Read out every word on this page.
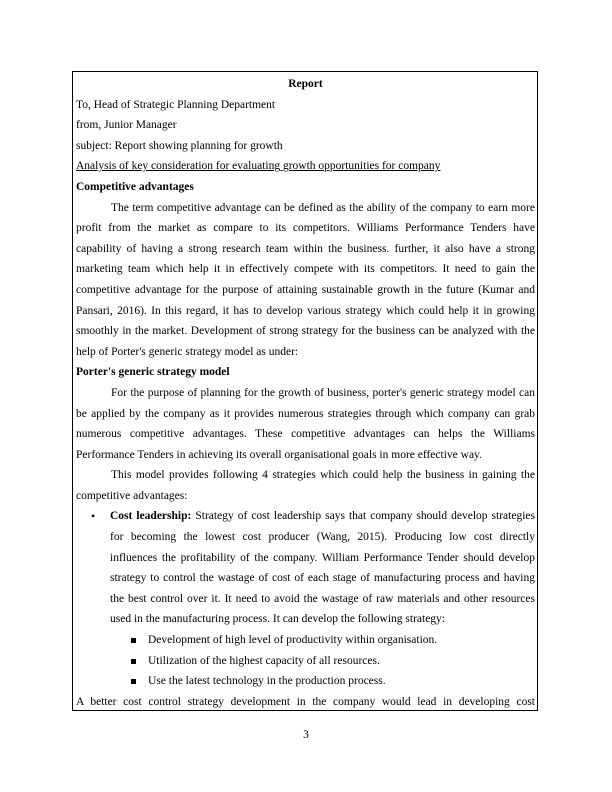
Report

To, Head of Strategic Planning Department

from, Junior Manager

subject: Report showing planning for growth

Analysis of key consideration for evaluating growth opportunities for company

Competitive advantages

The term competitive advantage can be defined as the ability of the company to earn more profit from the market as compare to its competitors. Williams Performance Tenders have capability of having a strong research team within the business. further, it also have a strong marketing team which help it in effectively compete with its competitors. It need to gain the competitive advantage for the purpose of attaining sustainable growth in the future (Kumar and Pansari, 2016). In this regard, it has to develop various strategy which could help it in growing smoothly in the market. Development of strong strategy for the business can be analyzed with the help of Porter's generic strategy model as under:

Porter's generic strategy model

For the purpose of planning for the growth of business, porter's generic strategy model can be applied by the company as it provides numerous strategies through which company can grab numerous competitive advantages. These competitive advantages can helps the Williams Performance Tenders in achieving its overall organisational goals in more effective way.

This model provides following 4 strategies which could help the business in gaining the competitive advantages:

• Cost leadership: Strategy of cost leadership says that company should develop strategies for becoming the lowest cost producer (Wang, 2015). Producing low cost directly influences the profitability of the company. William Performance Tender should develop strategy to control the wastage of cost of each stage of manufacturing process and having the best control over it. It need to avoid the wastage of raw materials and other resources used in the manufacturing process. It can develop the following strategy:
Development of high level of productivity within organisation.
Utilization of the highest capacity of all resources.
Use the latest technology in the production process.

A better cost control strategy development in the company would lead in developing cost

3
